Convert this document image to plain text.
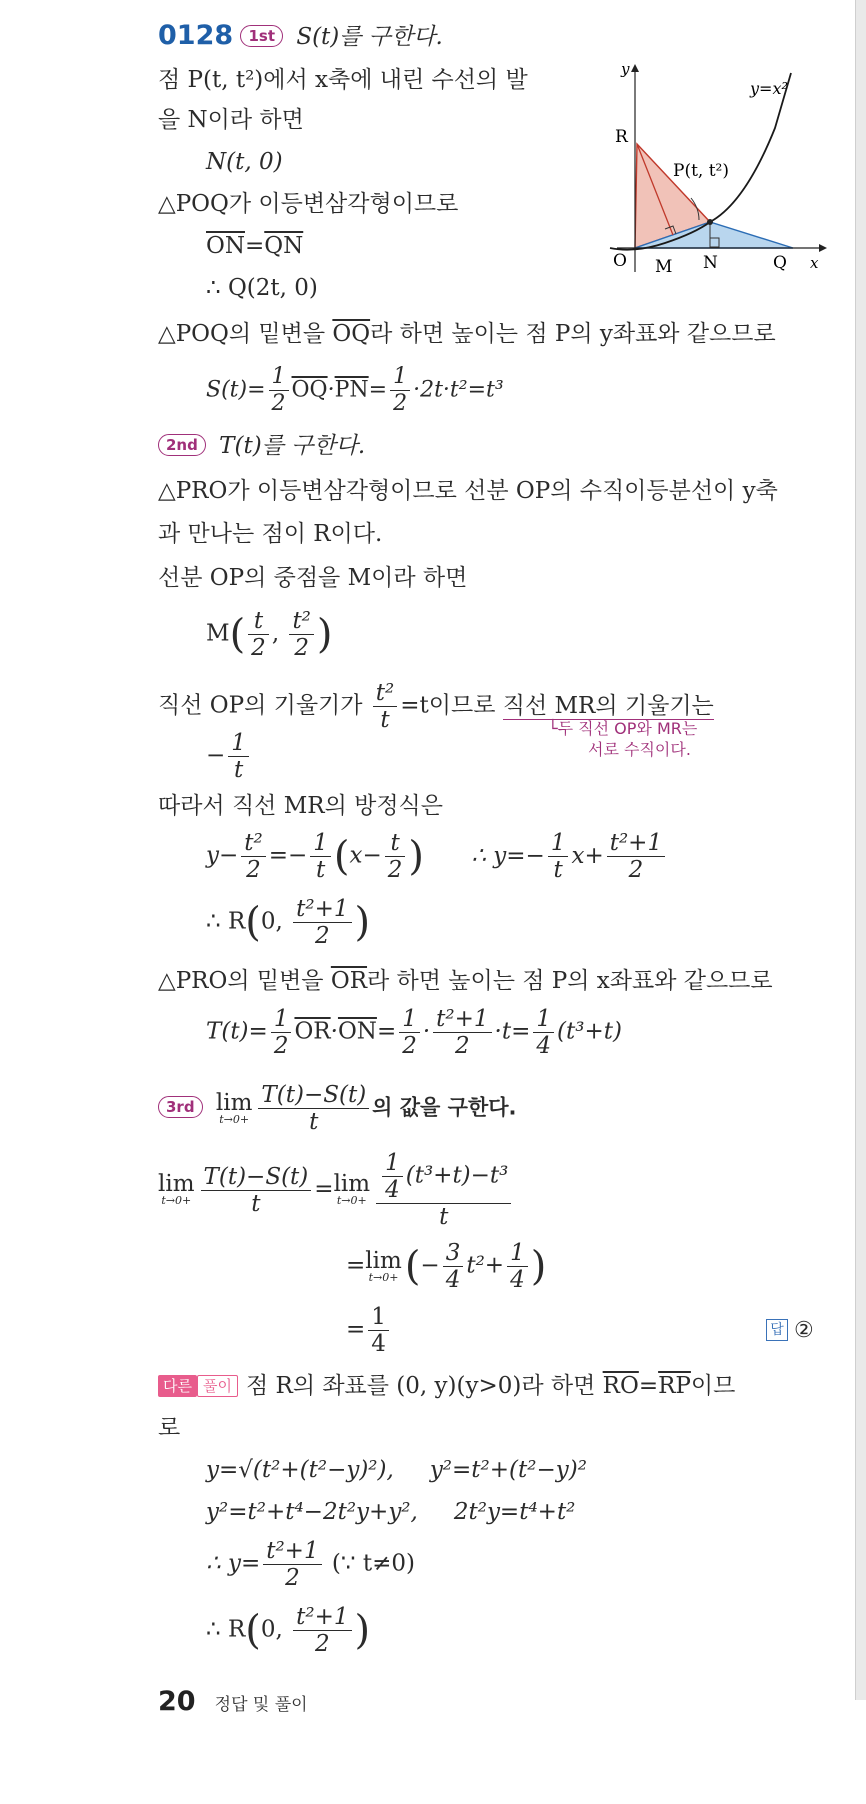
0128 1st S(t)를 구한다.
점 P(t, t²)에서 x축에 내린 수선의 발
을 N이라 하면
N(t, 0)
△POQ가 이등변삼각형이므로
$\overline{ON}=\overline{QN}$
∴ Q(2t, 0)
y
x
y=x²
R
P(t, t²)
O M N	Q
△POQ의 밑변을 $\overline{OQ}$라 하면 높이는 점 P의 y좌표와 같으므로
$S(t)= \frac{1}{2} \overline{OQ}\cdot\overline{PN}= \frac{1}{2} \cdot 2t\cdot t^2=t^3$
2nd T(t)를 구한다.
△PRO가 이등변삼각형이므로 선분 OP의 수직이등분선이 y축
과 만나는 점이 R이다.
선분 OP의 중점을 M이라 하면
$M( \frac{t}{2}$ , $\frac{\text{t²}}{2}$ )
직선 OP의 기울기가 $\frac{\text{t²}}{t} =t$이므로 직선 MR의 기울기는
└두 직선 OP와 MR는
서로 수직이다.
− $\frac{1}{t}$
따라서 직선 MR의 방정식은
$y- \frac{\text{t²}}{2} =- \frac{1}{t} (x- \frac{t}{2}$ ) ∴ $y=- \frac{1}{t} x+ \frac{\text{t²+1}}{2}$
∴ R(0, $\frac{\text{t²+1}}{2}$ )
△PRO의 밑변을 $\overline{OR}$라 하면 높이는 점 P의 x좌표와 같으므로
$T(t)= \frac{1}{2} \overline{OR}\cdot\overline{ON}= \frac{1}{2} \cdot \frac{\text{t²+1}}{2} \cdot t= \frac{1}{4} (t^3+t)$
3rd lim
$t\to 0+ \frac{T(t)-S(t)}{t}$ 의 값을 구한다.
lim
$t\to 0+ \frac{T(t)-S(t)}{t} = \lim$
$t\to 0+ \frac{\frac{1}{4} (t^3+t)-t^3}{t}$
= lim
t→0+ (− $\frac{3}{4} t^2+ \frac{1}{4}$ )
= $\frac{1}{4}$	답 ②
다른 풀이 점 R의 좌표를 (0, y)(y>0)라 하면 $\overline{RO}=\overline{RP}$이므
로
y=√(t²+(t²−y)²), y²=t²+(t²−y)²
y²=t²+t⁴−2t²y+y², 2t²y=t⁴+t²
∴ $y= \frac{\text{t²+1}}{2}$ (∵ t≠0)
∴ R(0, $\frac{\text{t²+1}}{2}$ )
20 정답 및 풀이
